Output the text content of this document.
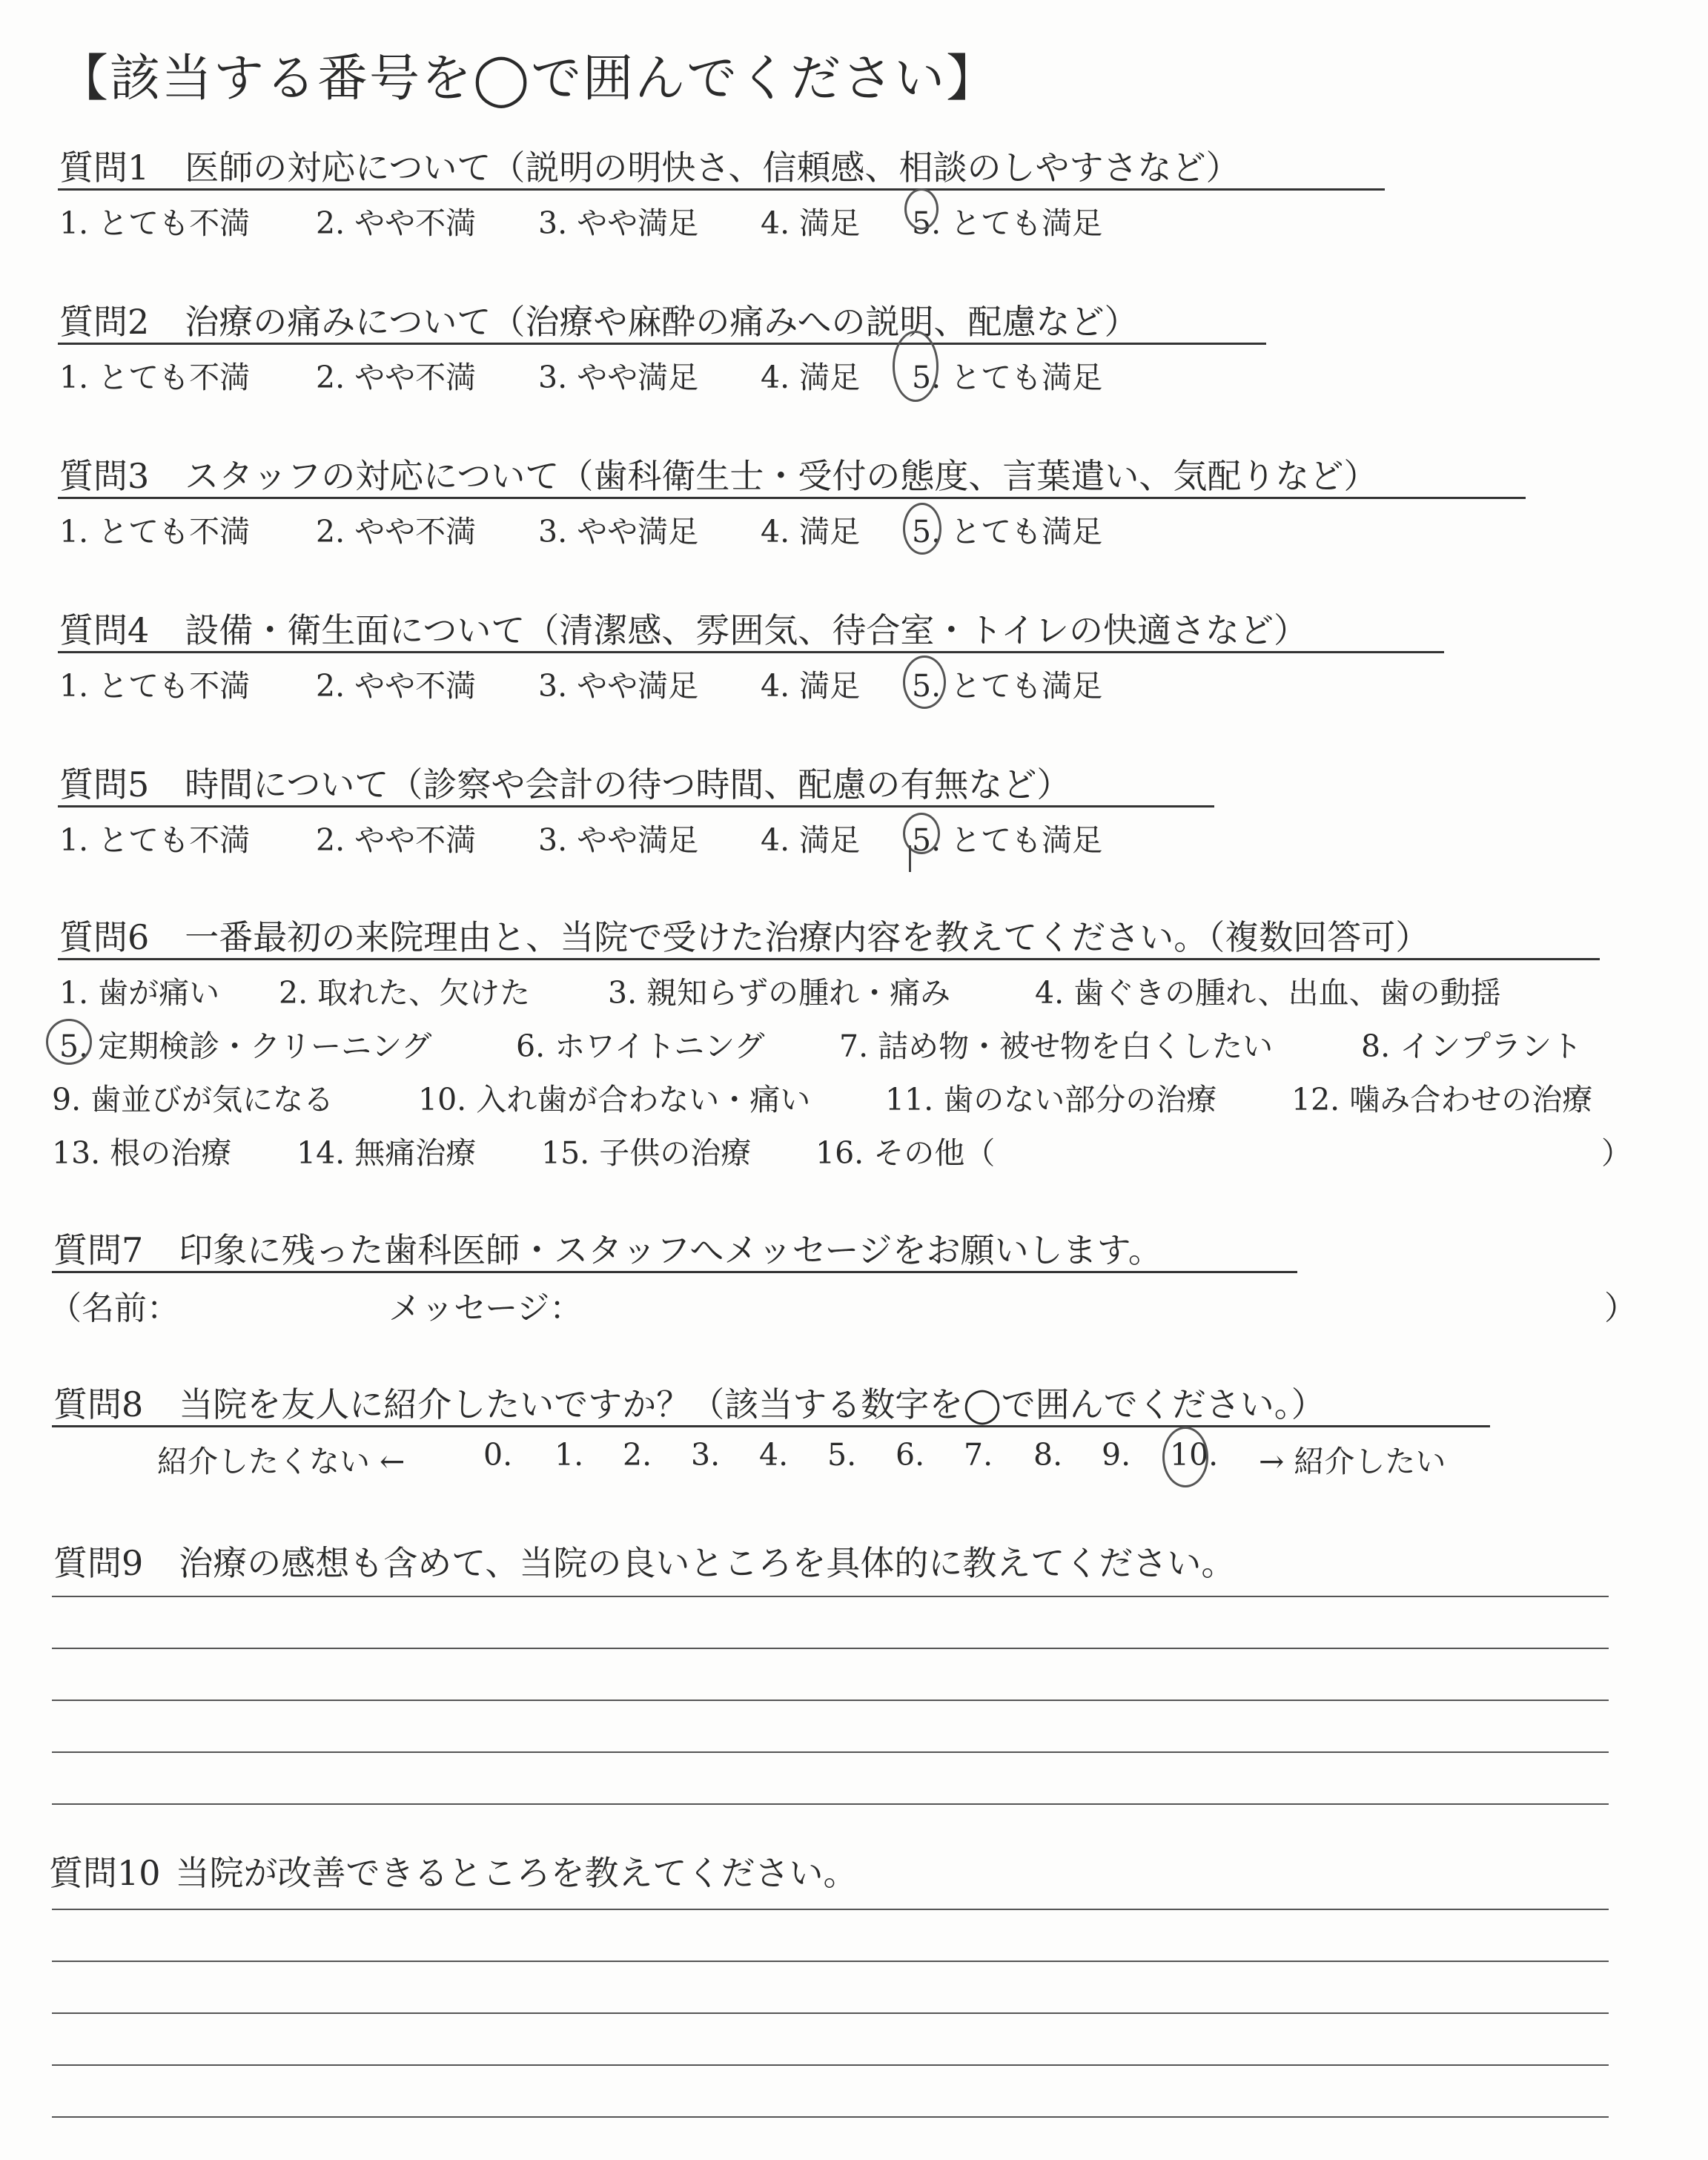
【該当する番号を◯で囲んでください】
質問1 医師の対応について（説明の明快さ、信頼感、相談のしやすさなど）
1. とても不満 2. やや不満 3. やや満足 4. 満足 5. とても満足
質問2 治療の痛みについて（治療や麻酔の痛みへの説明、配慮など）
1. とても不満 2. やや不満 3. やや満足 4. 満足 5. とても満足
質問3 スタッフの対応について（歯科衛生士・受付の態度、言葉遣い、気配りなど）
1. とても不満 2. やや不満 3. やや満足 4. 満足 5. とても満足
質問4 設備・衛生面について（清潔感、雰囲気、待合室・トイレの快適さなど）
1. とても不満 2. やや不満 3. やや満足 4. 満足 5. とても満足
質問5 時間について（診察や会計の待つ時間、配慮の有無など）
1. とても不満 2. やや不満 3. やや満足 4. 満足 5. とても満足
質問6 一番最初の来院理由と、当院で受けた治療内容を教えてください。（複数回答可）
1. 歯が痛い 2. 取れた、欠けた	3. 親知らずの腫れ・痛み	4. 歯ぐきの腫れ、出血、歯の動揺
5. 定期検診・クリーニング	6. ホワイトニング 7. 詰め物・被せ物を白くしたい	8. インプラント
9. 歯並びが気になる	10. 入れ歯が合わない・痛い 11. 歯のない部分の治療 12. 噛み合わせの治療
13. 根の治療 14. 無痛治療 15. 子供の治療 16. その他（	）
質問7 印象に残った歯科医師・スタッフへメッセージをお願いします。
（名前：	メッセージ：	）
質問8 当院を友人に紹介したいですか？（該当する数字を◯で囲んでください。）
紹介したくない ←	0. 1. 2. 3. 4. 5. 6. 7. 8. 9. 10. → 紹介したい
質問9 治療の感想も含めて、当院の良いところを具体的に教えてください。
質問10 当院が改善できるところを教えてください。
